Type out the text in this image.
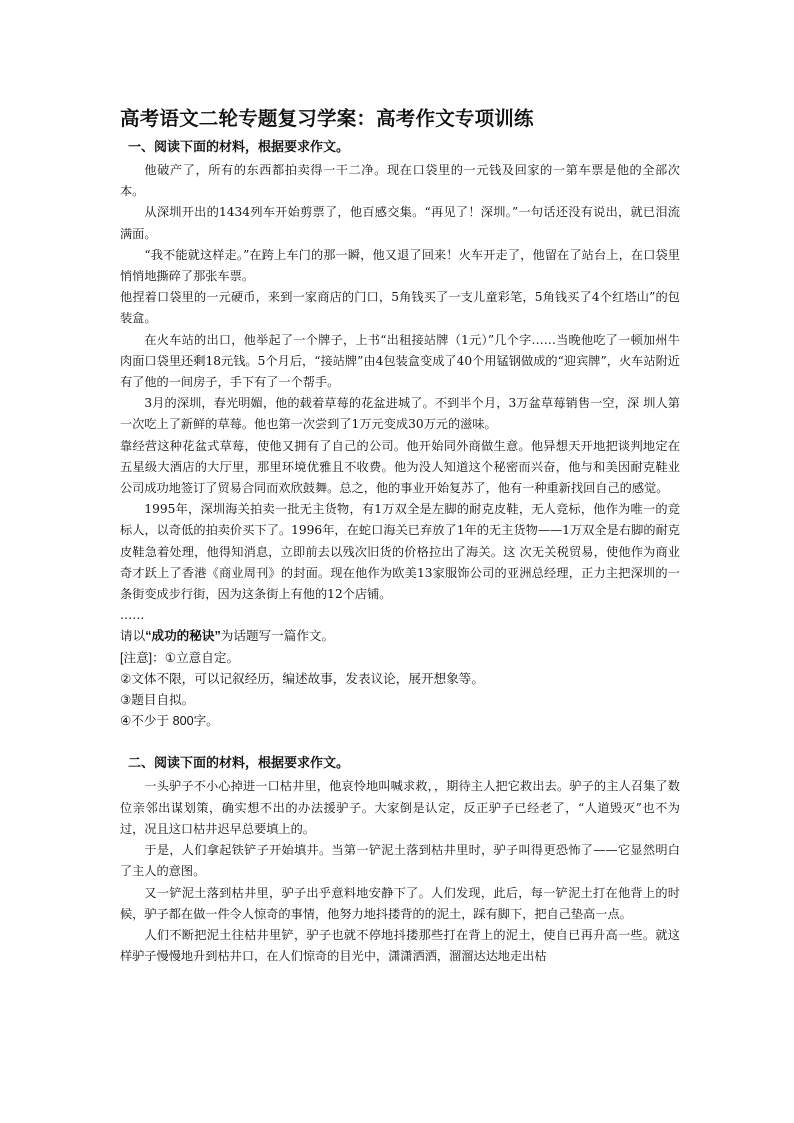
高考语文二轮专题复习学案：高考作文专项训练
一、阅读下面的材料，根据要求作文。

他破产了，所有的东西都拍卖得一干二净。现在口袋里的一元钱及回家的一第车票是他的全部次本。

从深圳开出的1434列车开始剪票了，他百感交集。“再见了！深圳。”一句话还没有说出，就已泪流满面。

“我不能就这样走。”在跨上车门的那一瞬，他又退了回来！火车开走了，他留在了站台上，在口袋里悄悄地撕碎了那张车票。

他捏着口袋里的一元硬币，来到一家商店的门口，5角钱买了一支儿童彩笔，5角钱买了4个红塔山”的包装盒。

在火车站的出口，他举起了一个牌子，上书“出租接站牌（1元）”几个字……当晚他吃了一顿加州牛肉面口袋里还剩18元钱。5个月后，“接站牌”由4包装盒变成了40个用锰钢做成的“迎宾牌”，火车站附近有了他的一间房子，手下有了一个帮手。

3月的深圳，春光明媚，他的载着草莓的花盆进城了。不到半个月，3万盆草莓销售一空，深 圳人第一次吃上了新鲜的草莓。他也第一次尝到了1万元变成30万元的滋味。

靠经营这种花盆式草莓，使他又拥有了自己的公司。他开始同外商做生意。他异想天开地把谈判地定在五星级大酒店的大厅里，那里环境优雅且不收费。他为没人知道这个秘密而兴奋，他与和美因耐克鞋业公司成功地签订了贸易合同而欢欣鼓舞。总之，他的事业开始复苏了，他有一种重新找回自己的感觉。

1995年，深圳海关拍卖一批无主货物，有1万双全是左脚的耐克皮鞋，无人竞标，他作为唯一的竞标人，以奇低的拍卖价买下了。1996年，在蛇口海关已弃放了1年的无主货物——1万双全是右脚的耐克皮鞋急着处理，他得知消息，立即前去以残次旧货的价格拉出了海关。这 次无关税贸易，使他作为商业奇才跃上了香港《商业周刊》的封面。现在他作为欧美13家服饰公司的亚洲总经理，正力主把深圳的一条街变成步行街，因为这条街上有他的12个店铺。

……

请以“成功的秘诀”为话题写一篇作文。

[注意]：①立意自定。

②文体不限，可以记叙经历，编述故事，发表议论，展开想象等。

③题目自拟。

④不少于 800字。

二、阅读下面的材料，根据要求作文。

一头驴子不小心掉进一口枯井里，他哀怜地叫喊求救，，期待主人把它救出去。驴子的主人召集了数位亲邻出谋划策，确实想不出的办法援驴子。大家倒是认定，反正驴子已经老了，“人道毁灭”也不为过，况且这口枯井迟早总要填上的。

于是，人们拿起铁铲子开始填井。当第一铲泥土落到枯井里时，驴子叫得更恐怖了——它显然明白了主人的意图。

又一铲泥土落到枯井里，驴子出乎意料地安静下了。人们发现，此后，每一铲泥土打在他背上的时候，驴子都在做一件令人惊奇的事情，他努力地抖搂背的的泥土，踩有脚下，把自己垫高一点。

人们不断把泥土往枯井里铲，驴子也就不停地抖搂那些打在背上的泥土，使自已再升高一些。就这样驴子慢慢地升到枯井口，在人们惊奇的目光中，潇潇洒洒，溜溜达达地走出枯
